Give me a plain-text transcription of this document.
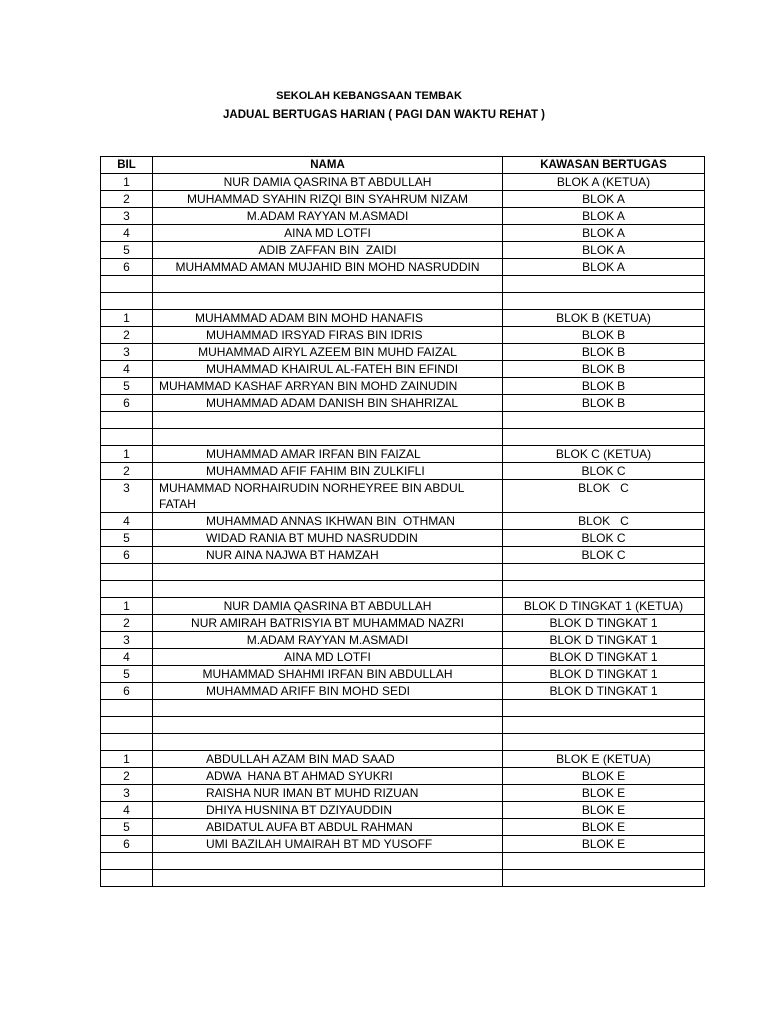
SEKOLAH KEBANGSAAN TEMBAK
JADUAL BERTUGAS HARIAN ( PAGI DAN WAKTU REHAT )
BIL	NAMA	KAWASAN BERTUGAS
1	NUR DAMIA QASRINA BT ABDULLAH	BLOK A (KETUA)
2	MUHAMMAD SYAHIN RIZQI BIN SYAHRUM NIZAM	BLOK A
3	M.ADAM RAYYAN M.ASMADI	BLOK A
4	AINA MD LOTFI	BLOK A
5	ADIB ZAFFAN BIN  ZAIDI	BLOK A
6	MUHAMMAD AMAN MUJAHID BIN MOHD NASRUDDIN	BLOK A

1	MUHAMMAD ADAM BIN MOHD HANAFIS	BLOK B (KETUA)
2	MUHAMMAD IRSYAD FIRAS BIN IDRIS	BLOK B
3	MUHAMMAD AIRYL AZEEM BIN MUHD FAIZAL	BLOK B
4	MUHAMMAD KHAIRUL AL-FATEH BIN EFINDI	BLOK B
5	MUHAMMAD KASHAF ARRYAN BIN MOHD ZAINUDIN	BLOK B
6	MUHAMMAD ADAM DANISH BIN SHAHRIZAL	BLOK B

1	MUHAMMAD AMAR IRFAN BIN FAIZAL	BLOK C (KETUA)
2	MUHAMMAD AFIF FAHIM BIN ZULKIFLI	BLOK C
3	MUHAMMAD NORHAIRUDIN NORHEYREE BIN ABDUL FATAH	BLOK   C
4	MUHAMMAD ANNAS IKHWAN BIN  OTHMAN	BLOK   C
5	WIDAD RANIA BT MUHD NASRUDDIN	BLOK C
6	NUR AINA NAJWA BT HAMZAH	BLOK C

1	NUR DAMIA QASRINA BT ABDULLAH	BLOK D TINGKAT 1 (KETUA)
2	NUR AMIRAH BATRISYIA BT MUHAMMAD NAZRI	BLOK D TINGKAT 1
3	M.ADAM RAYYAN M.ASMADI	BLOK D TINGKAT 1
4	AINA MD LOTFI	BLOK D TINGKAT 1
5	MUHAMMAD SHAHMI IRFAN BIN ABDULLAH	BLOK D TINGKAT 1
6	MUHAMMAD ARIFF BIN MOHD SEDI	BLOK D TINGKAT 1

1	ABDULLAH AZAM BIN MAD SAAD	BLOK E (KETUA)
2	ADWA  HANA BT AHMAD SYUKRI	BLOK E
3	RAISHA NUR IMAN BT MUHD RIZUAN	BLOK E
4	DHIYA HUSNINA BT DZIYAUDDIN	BLOK E
5	ABIDATUL AUFA BT ABDUL RAHMAN	BLOK E
6	UMI BAZILAH UMAIRAH BT MD YUSOFF	BLOK E
